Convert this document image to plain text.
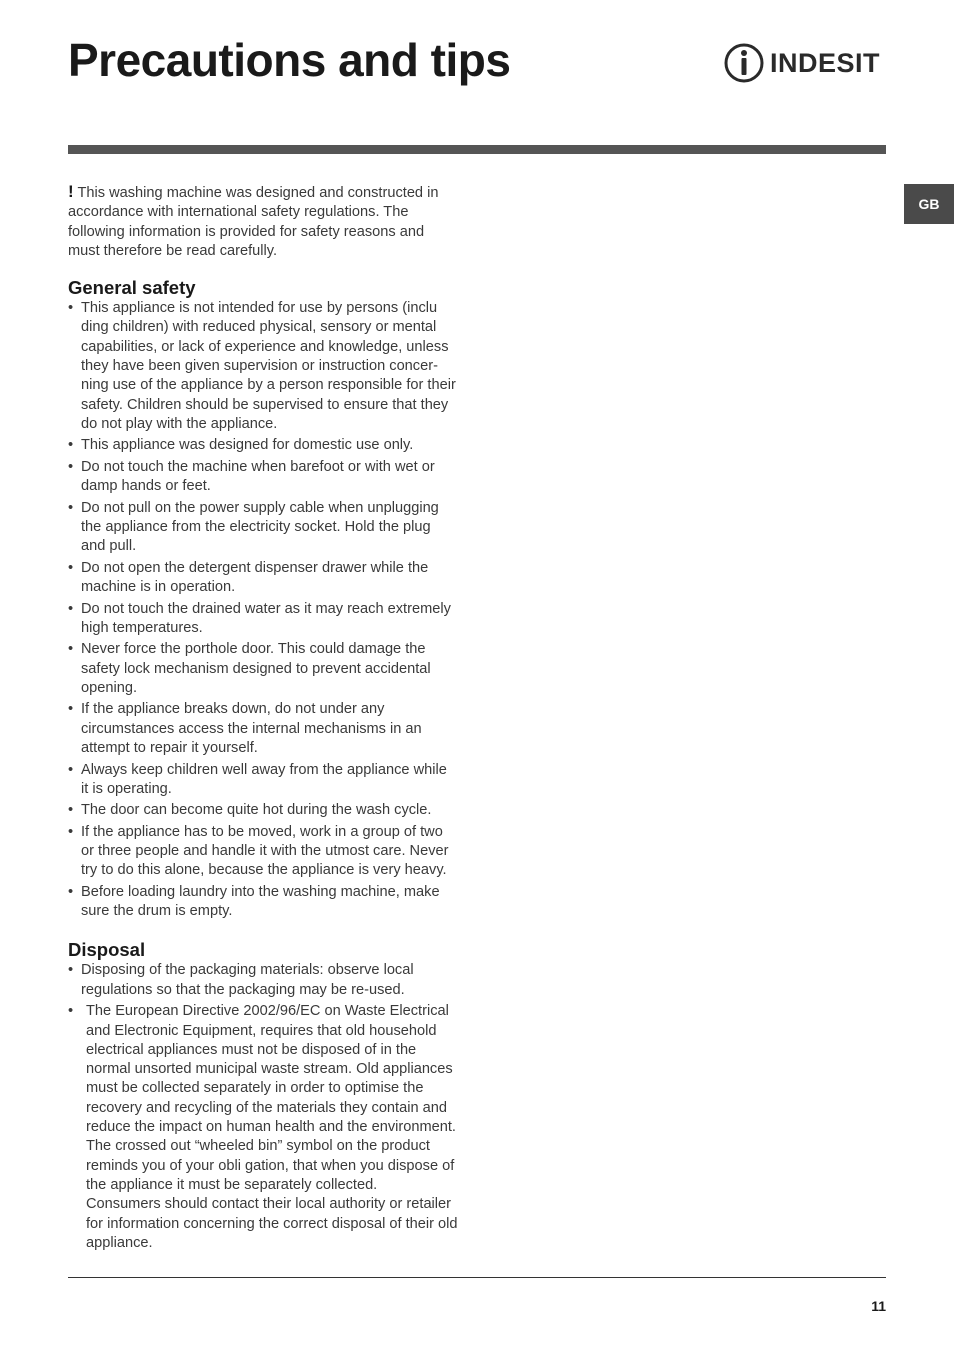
Precautions and tips	INDESIT
GB

! This washing machine was designed and constructed in accordance with international safety regulations. The following information is provided for safety reasons and must therefore be read carefully.

General safety
• This appliance is not intended for use by persons (inclu ding children) with reduced physical, sensory or mental capabilities, or lack of experience and knowledge, unless they have been given supervision or instruction concer-ning use of the appliance by a person responsible for their safety. Children should be supervised to ensure that they do not play with the appliance.
• This appliance was designed for domestic use only.
• Do not touch the machine when barefoot or with wet or damp hands or feet.
• Do not pull on the power supply cable when unplugging the appliance from the electricity socket. Hold the plug and pull.
• Do not open the detergent dispenser drawer while the machine is in operation.
• Do not touch the drained water as it may reach extremely high temperatures.
• Never force the porthole door. This could damage the safety lock mechanism designed to prevent accidental opening.
• If the appliance breaks down, do not under any circumstances access the internal mechanisms in an attempt to repair it yourself.
• Always keep children well away from the appliance while it is operating.
• The door can become quite hot during the wash cycle.
• If the appliance has to be moved, work in a group of two or three people and handle it with the utmost care. Never try to do this alone, because the appliance is very heavy.
• Before loading laundry into the washing machine, make sure the drum is empty.
Disposal
• Disposing of the packaging materials: observe local regulations so that the packaging may be re-used.
• The European Directive 2002/96/EC on Waste Electrical and Electronic Equipment, requires that old household electrical appliances must not be disposed of in the normal unsorted municipal waste stream. Old appliances must be collected separately in order to optimise the recovery and recycling of the materials they contain and reduce the impact on human health and the environment. The crossed out “wheeled bin” symbol on the product reminds you of your obli gation, that when you dispose of the appliance it must be separately collected.
Consumers should contact their local authority or retailer for information concerning the correct disposal of their old appliance.
11
